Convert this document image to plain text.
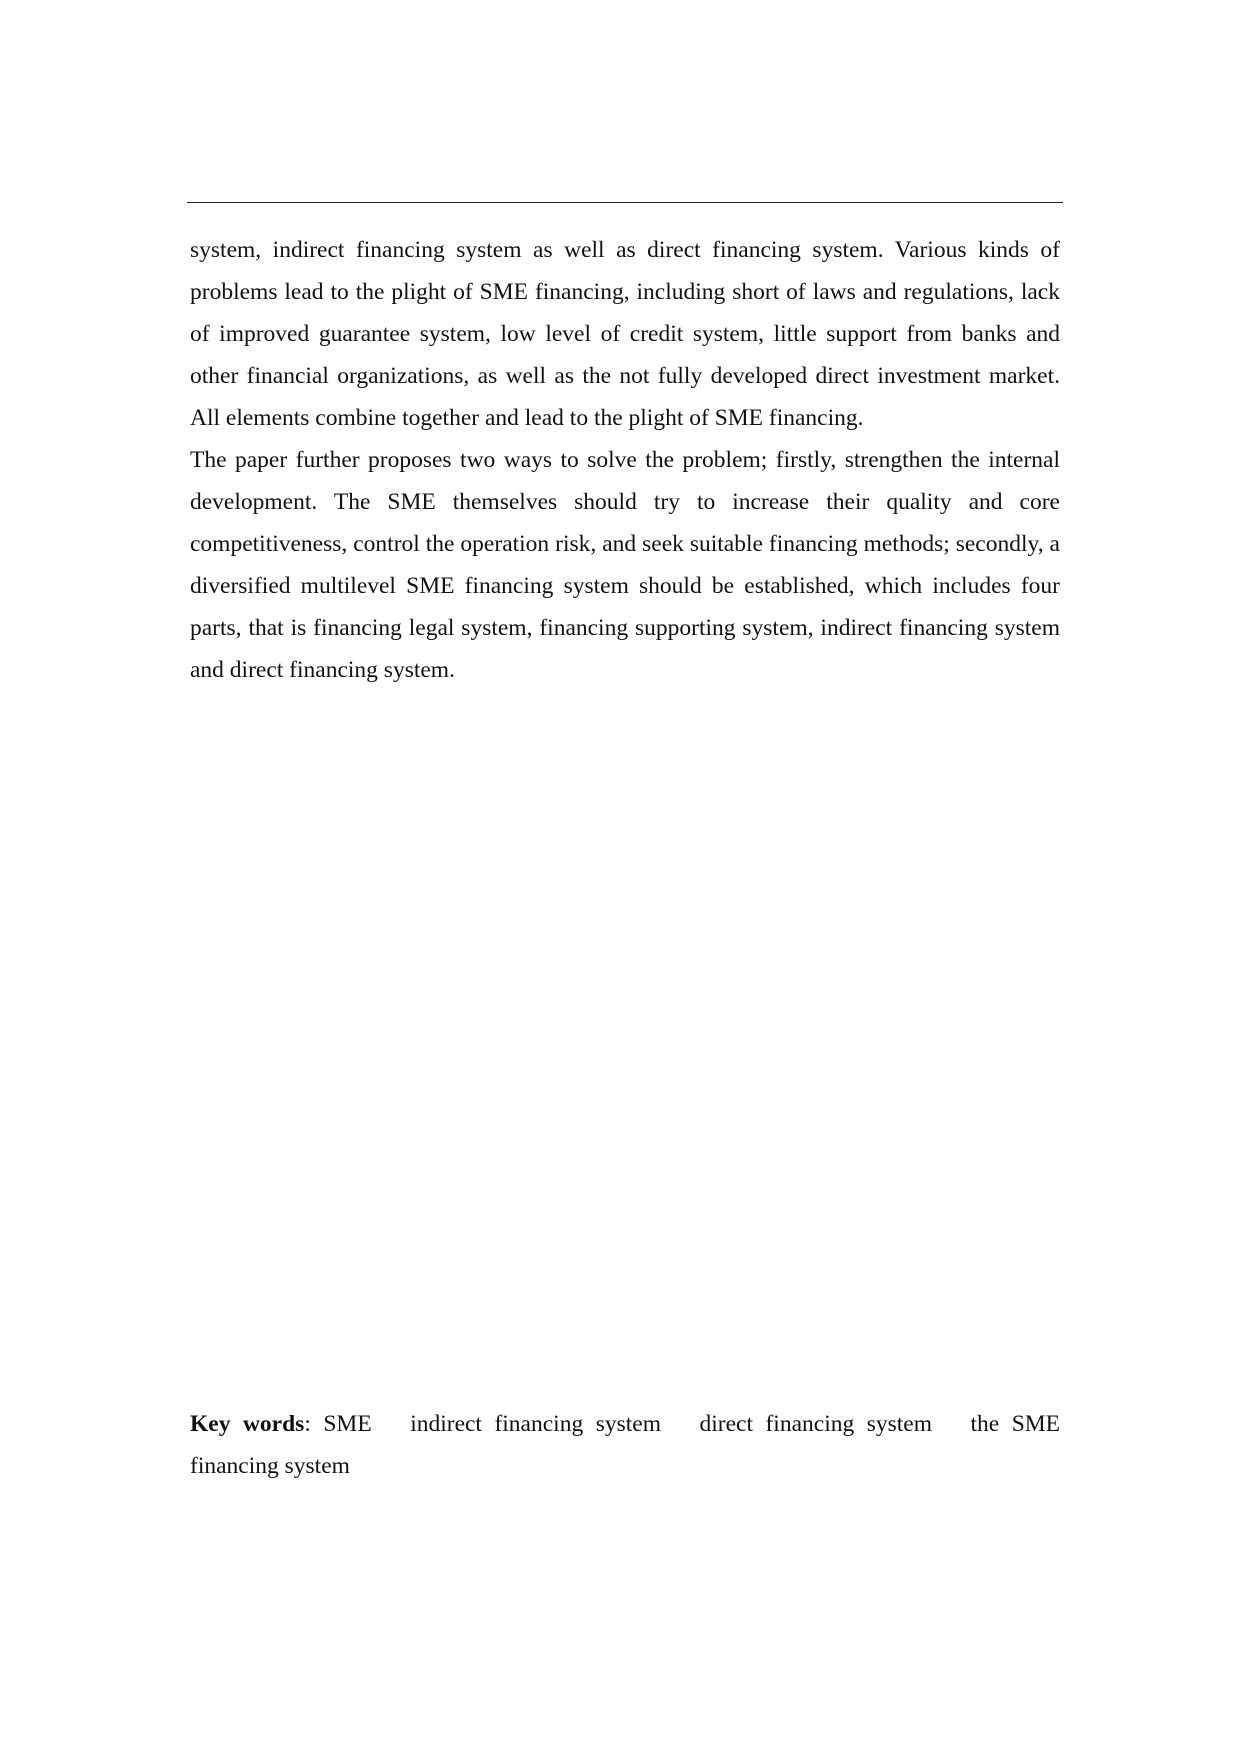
system, indirect financing system as well as direct financing system. Various kinds of problems lead to the plight of SME financing, including short of laws and regulations, lack of improved guarantee system, low level of credit system, little support from banks and other financial organizations, as well as the not fully developed direct investment market. All elements combine together and lead to the plight of SME financing.

The paper further proposes two ways to solve the problem; firstly, strengthen the internal development. The SME themselves should try to increase their quality and core competitiveness, control the operation risk, and seek suitable financing methods; secondly, a diversified multilevel SME financing system should be established, which includes four parts, that is financing legal system, financing supporting system, indirect financing system and direct financing system.

Key words: SME indirect financing system direct financing system the SME financing system
